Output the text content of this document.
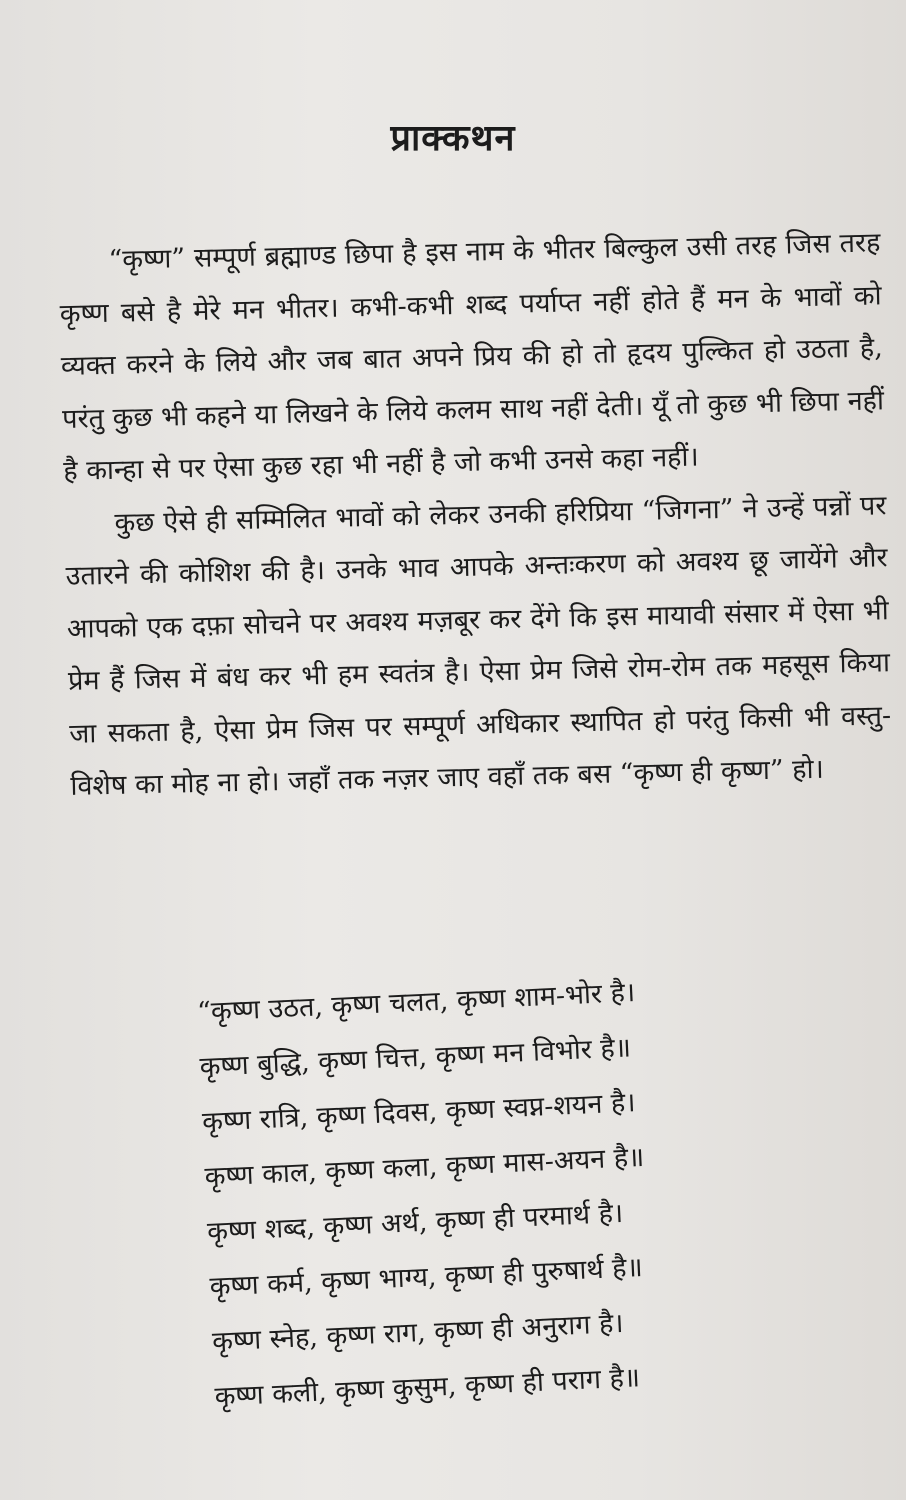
प्राक्कथन

“कृष्ण” सम्पूर्ण ब्रह्माण्ड छिपा है इस नाम के भीतर बिल्कुल उसी तरह जिस तरह कृष्ण बसे है मेरे मन भीतर। कभी-कभी शब्द पर्याप्त नहीं होते हैं मन के भावों को व्यक्त करने के लिये और जब बात अपने प्रिय की हो तो हृदय पुल्कित हो उठता है, परंतु कुछ भी कहने या लिखने के लिये कलम साथ नहीं देती। यूँ तो कुछ भी छिपा नहीं है कान्हा से पर ऐसा कुछ रहा भी नहीं है जो कभी उनसे कहा नहीं।

कुछ ऐसे ही सम्मिलित भावों को लेकर उनकी हरिप्रिया “जिगना” ने उन्हें पन्नों पर उतारने की कोशिश की है। उनके भाव आपके अन्तःकरण को अवश्य छू जायेंगे और आपको एक दफ़ा सोचने पर अवश्य मज़बूर कर देंगे कि इस मायावी संसार में ऐसा भी प्रेम हैं जिस में बंध कर भी हम स्वतंत्र है। ऐसा प्रेम जिसे रोम-रोम तक महसूस किया जा सकता है, ऐसा प्रेम जिस पर सम्पूर्ण अधिकार स्थापित हो परंतु किसी भी वस्तु-विशेष का मोह ना हो। जहाँ तक नज़र जाए वहाँ तक बस “कृष्ण ही कृष्ण” हो।

“कृष्ण उठत, कृष्ण चलत, कृष्ण शाम-भोर है।
कृष्ण बुद्धि, कृष्ण चित्त, कृष्ण मन विभोर है॥
कृष्ण रात्रि, कृष्ण दिवस, कृष्ण स्वप्न-शयन है।
कृष्ण काल, कृष्ण कला, कृष्ण मास-अयन है॥
कृष्ण शब्द, कृष्ण अर्थ, कृष्ण ही परमार्थ है।
कृष्ण कर्म, कृष्ण भाग्य, कृष्ण ही पुरुषार्थ है॥
कृष्ण स्नेह, कृष्ण राग, कृष्ण ही अनुराग है।
कृष्ण कली, कृष्ण कुसुम, कृष्ण ही पराग है॥
